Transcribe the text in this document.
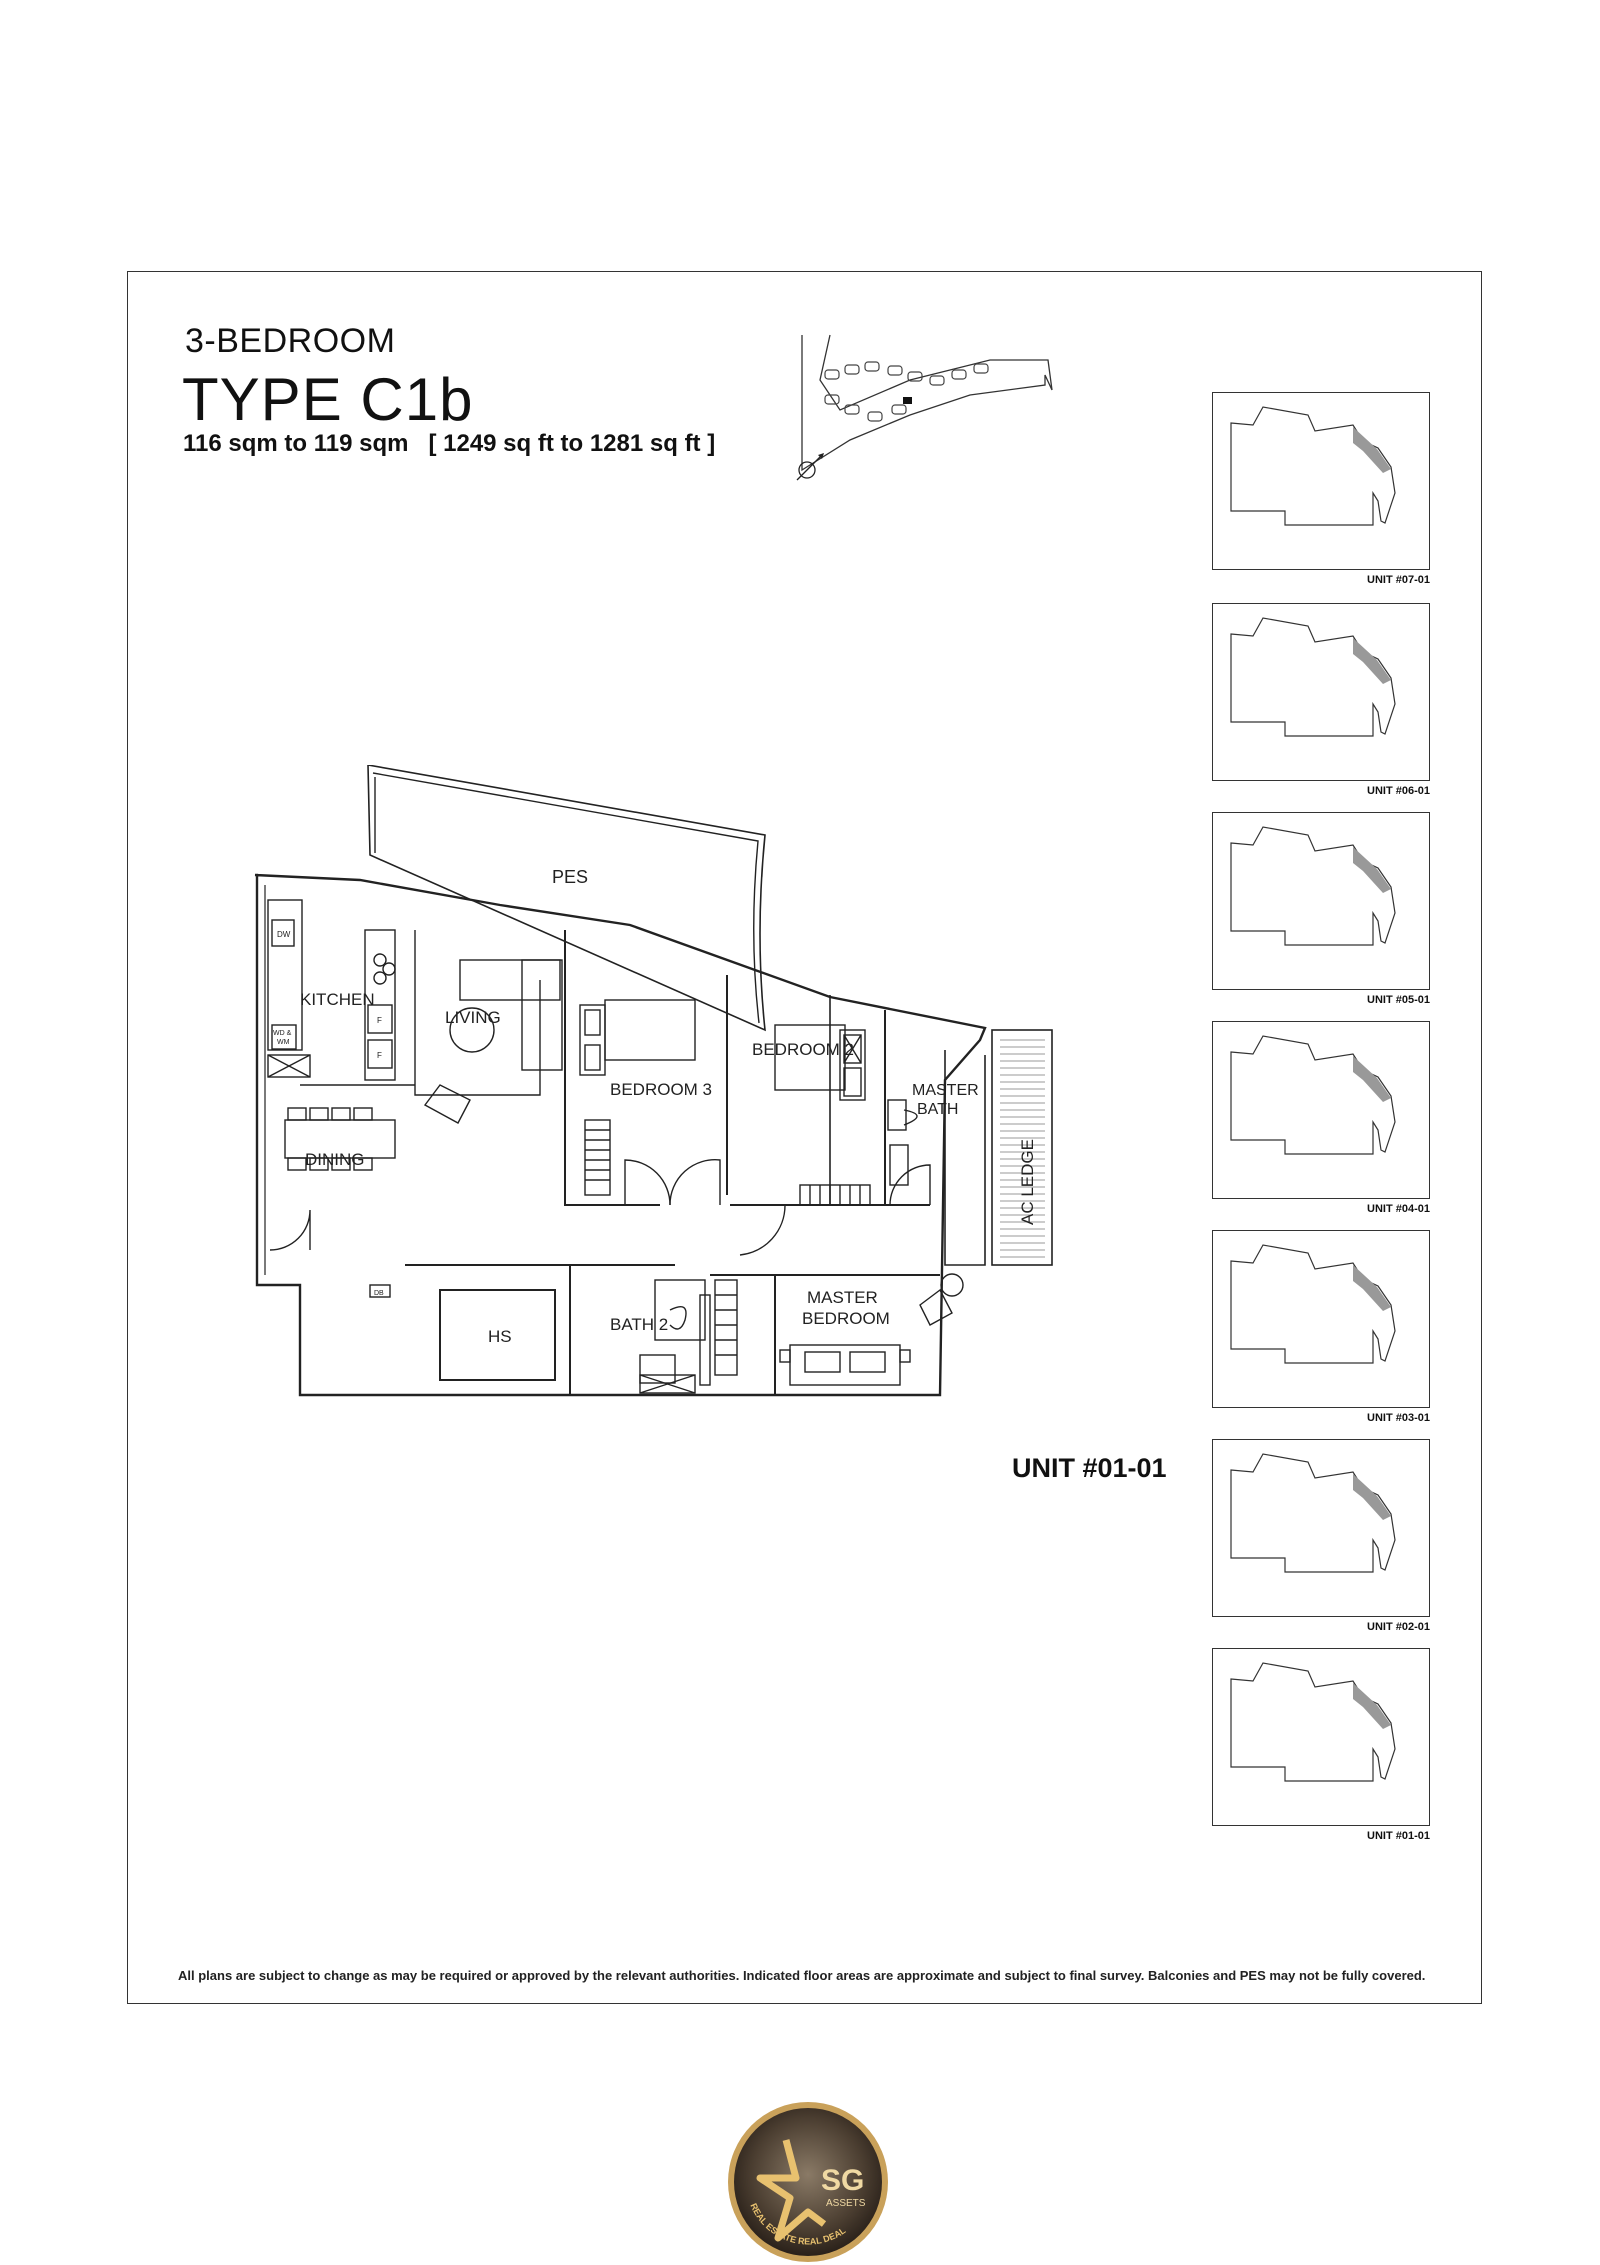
3-BEDROOM
TYPE C1b
116 sqm to 119 sqm   [ 1249 sq ft to 1281 sq ft ]
PES
KITCHEN
LIVING
DINING
BEDROOM 3
BEDROOM 2
MASTER
BATH
AC LEDGE
HS
BATH 2
MASTER
BEDROOM
DW
WD &
WM
F
F
DB
UNIT #01-01
UNIT #07-01
UNIT #06-01
UNIT #05-01
UNIT #04-01
UNIT #03-01
UNIT #02-01
UNIT #01-01
All plans are subject to change as may be required or approved by the relevant authorities. Indicated floor areas are approximate and subject to final survey. Balconies and PES may not be fully covered.
SG
ASSETS
REAL ESTATE REAL DEAL
